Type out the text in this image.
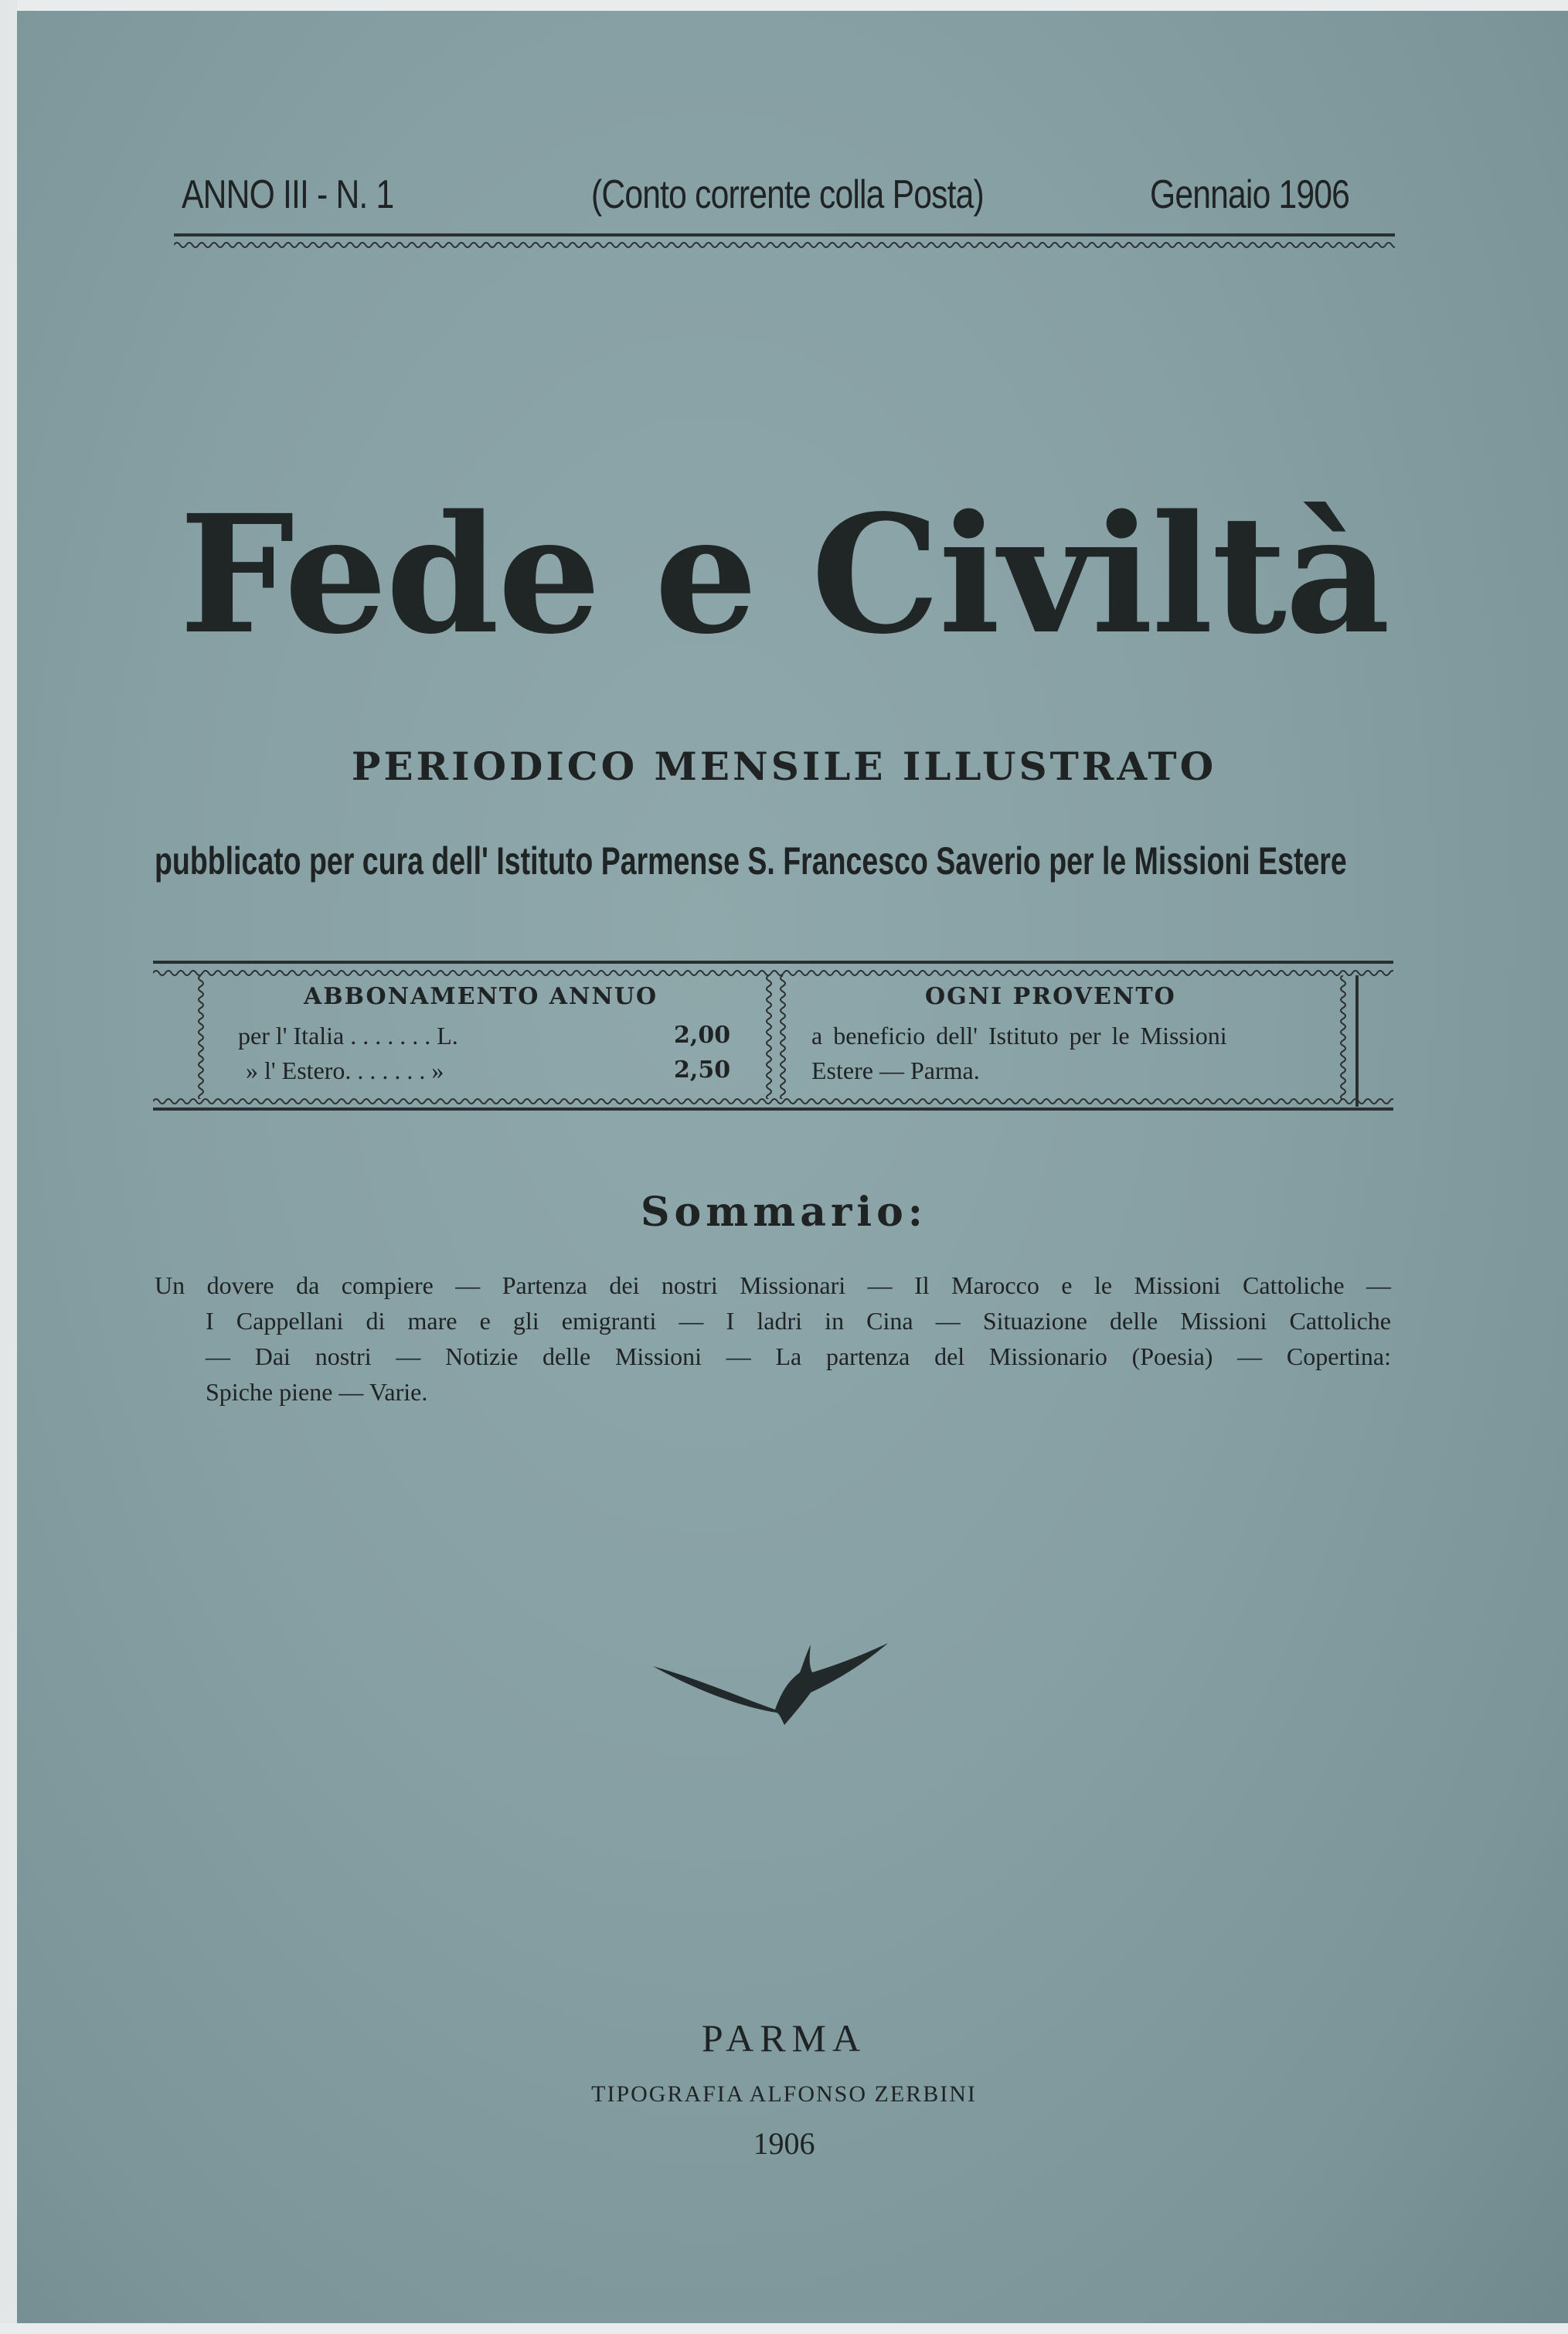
ANNO III - N. 1	(Conto corrente colla Posta)	Gennaio 1906
Fede e Civiltà
PERIODICO MENSILE ILLUSTRATO
pubblicato per cura dell' Istituto Parmense S. Francesco Saverio per le Missioni Estere
ABBONAMENTO ANNUO
per l' Italia . . . . . . . L.	2,00
» l' Estero. . . . . . . »	2,50
OGNI PROVENTO
a beneficio dell' Istituto per le Missioni
Estere — Parma.
Sommario:
Un dovere da compiere — Partenza dei nostri Missionari — Il Marocco e le Missioni Cattoliche —
I Cappellani di mare e gli emigranti — I ladri in Cina — Situazione delle Missioni Cattoliche
— Dai nostri — Notizie delle Missioni — La partenza del Missionario (Poesia) — Copertina:
Spiche piene — Varie.
PARMA
TIPOGRAFIA ALFONSO ZERBINI
1906
